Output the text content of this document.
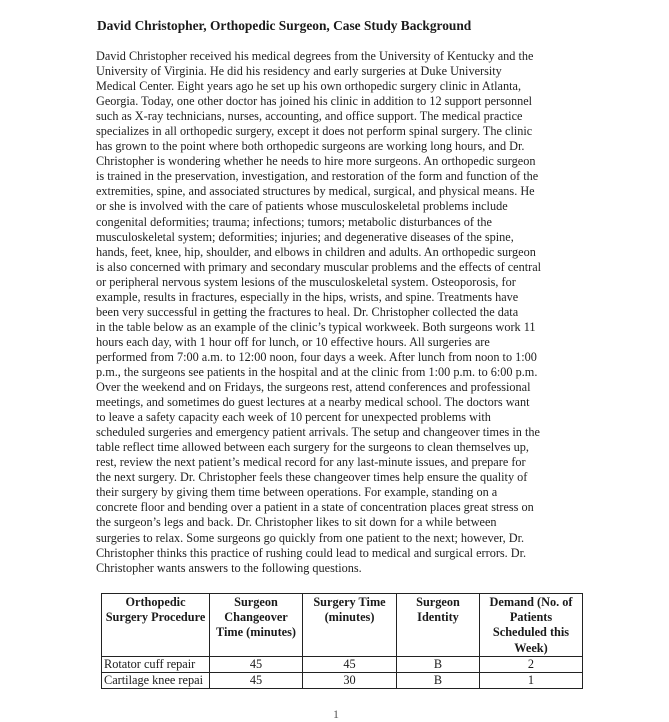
David Christopher, Orthopedic Surgeon, Case Study Background
David Christopher received his medical degrees from the University of Kentucky and the
University of Virginia. He did his residency and early surgeries at Duke University
Medical Center. Eight years ago he set up his own orthopedic surgery clinic in Atlanta,
Georgia. Today, one other doctor has joined his clinic in addition to 12 support personnel
such as X-ray technicians, nurses, accounting, and office support. The medical practice
specializes in all orthopedic surgery, except it does not perform spinal surgery. The clinic
has grown to the point where both orthopedic surgeons are working long hours, and Dr.
Christopher is wondering whether he needs to hire more surgeons. An orthopedic surgeon
is trained in the preservation, investigation, and restoration of the form and function of the
extremities, spine, and associated structures by medical, surgical, and physical means. He
or she is involved with the care of patients whose musculoskeletal problems include
congenital deformities; trauma; infections; tumors; metabolic disturbances of the
musculoskeletal system; deformities; injuries; and degenerative diseases of the spine,
hands, feet, knee, hip, shoulder, and elbows in children and adults. An orthopedic surgeon
is also concerned with primary and secondary muscular problems and the effects of central
or peripheral nervous system lesions of the musculoskeletal system. Osteoporosis, for
example, results in fractures, especially in the hips, wrists, and spine. Treatments have
been very successful in getting the fractures to heal. Dr. Christopher collected the data
in the table below as an example of the clinic’s typical workweek. Both surgeons work 11
hours each day, with 1 hour off for lunch, or 10 effective hours. All surgeries are
performed from 7:00 a.m. to 12:00 noon, four days a week. After lunch from noon to 1:00
p.m., the surgeons see patients in the hospital and at the clinic from 1:00 p.m. to 6:00 p.m.
Over the weekend and on Fridays, the surgeons rest, attend conferences and professional
meetings, and sometimes do guest lectures at a nearby medical school. The doctors want
to leave a safety capacity each week of 10 percent for unexpected problems with
scheduled surgeries and emergency patient arrivals. The setup and changeover times in the
table reflect time allowed between each surgery for the surgeons to clean themselves up,
rest, review the next patient’s medical record for any last-minute issues, and prepare for
the next surgery. Dr. Christopher feels these changeover times help ensure the quality of
their surgery by giving them time between operations. For example, standing on a
concrete floor and bending over a patient in a state of concentration places great stress on
the surgeon’s legs and back. Dr. Christopher likes to sit down for a while between
surgeries to relax. Some surgeons go quickly from one patient to the next; however, Dr.
Christopher thinks this practice of rushing could lead to medical and surgical errors. Dr.
Christopher wants answers to the following questions.
Orthopedic Surgery Procedure	Surgeon Changeover Time (minutes)	Surgery Time (minutes)	Surgeon Identity	Demand (No. of Patients Scheduled this Week)
Rotator cuff repair	45	45	B	2
Cartilage knee repai	45	30	B	1
1
